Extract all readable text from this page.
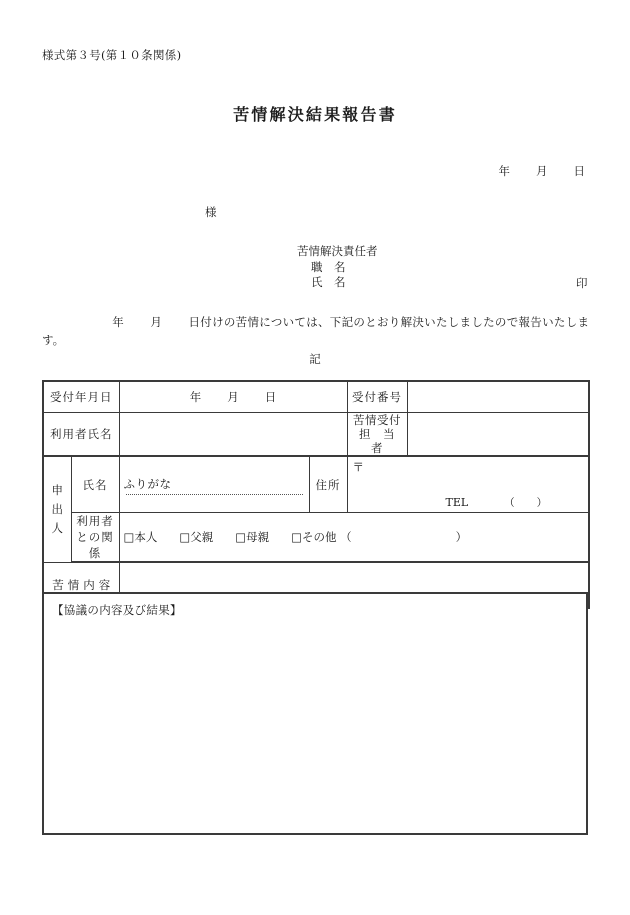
様式第３号(第１０条関係)
苦情解決結果報告書
年 月 日
様
苦情解決責任者
職　名
氏　名	印
年 月 日付けの苦情については、下記のとおり解決いたしましたので報告いたします。
記
受付年月日		年 月 日		受付番号	
利用者氏名				苦情受付
担　当　者	

申
出
人
	氏名	ふりがな	住所	
〒
TEL	（ ）

	利用者との関係	□本人 □父親 □母親 □その他 （ ）			

苦情内容					
【協議の内容及び結果】
